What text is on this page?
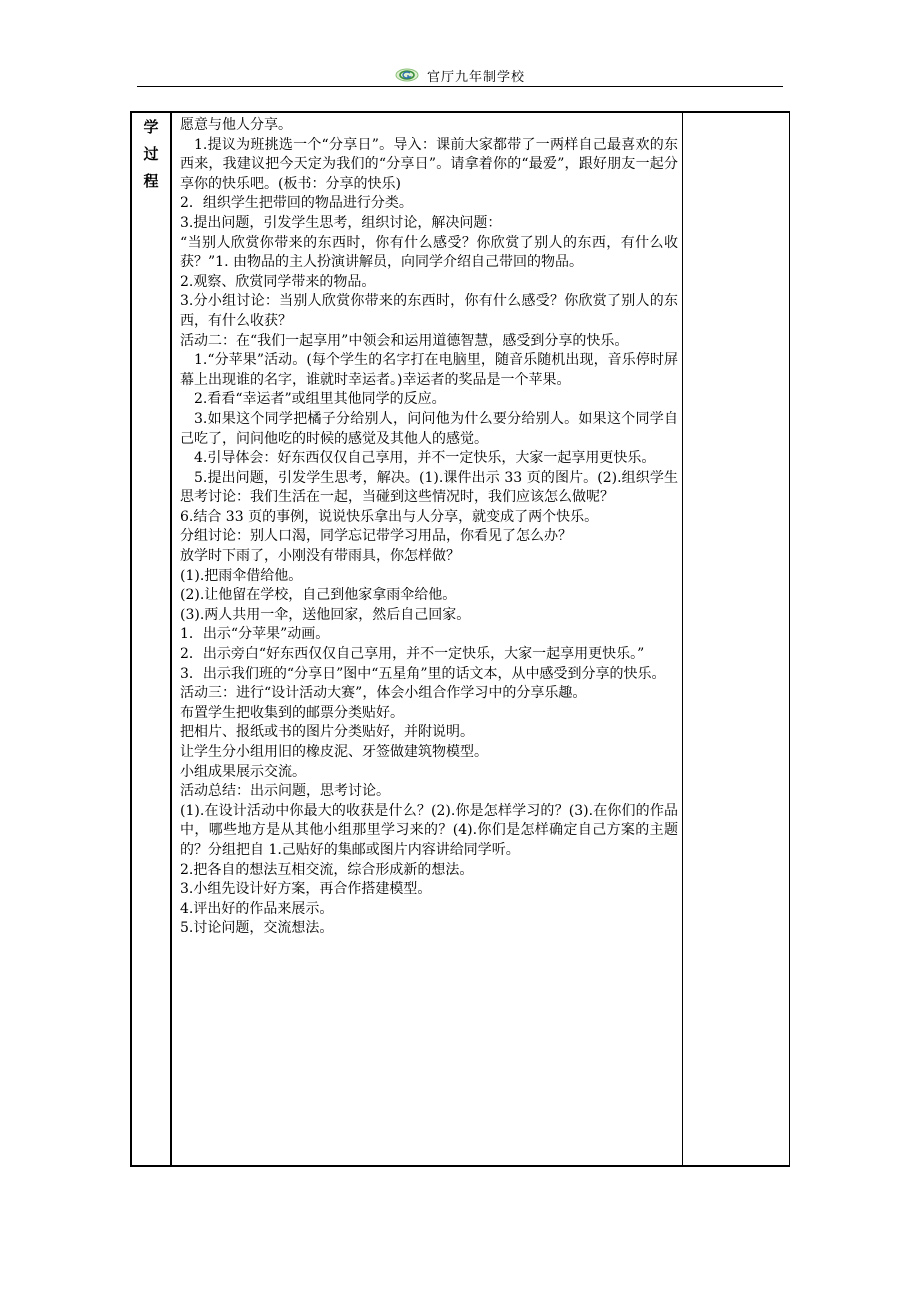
官厅九年制学校
学
过
程

愿意与他人分享。

1.提议为班挑选一个“分享日”。导入：课前大家都带了一两样自己最喜欢的东西来，我建议把今天定为我们的“分享日”。请拿着你的“最爱”，跟好朋友一起分享你的快乐吧。(板书：分享的快乐)

2．组织学生把带回的物品进行分类。

3.提出问题，引发学生思考，组织讨论，解决问题：

“当别人欣赏你带来的东西时，你有什么感受？你欣赏了别人的东西，有什么收获？”1. 由物品的主人扮演讲解员，向同学介绍自己带回的物品。

2.观察、欣赏同学带来的物品。

3.分小组讨论：当别人欣赏你带来的东西时，你有什么感受？你欣赏了别人的东西，有什么收获？

活动二：在“我们一起享用”中领会和运用道德智慧，感受到分享的快乐。

1.“分苹果”活动。(每个学生的名字打在电脑里，随音乐随机出现，音乐停时屏幕上出现谁的名字，谁就时幸运者。)幸运者的奖品是一个苹果。

2.看看“幸运者”或组里其他同学的反应。

3.如果这个同学把橘子分给别人，问问他为什么要分给别人。如果这个同学自己吃了，问问他吃的时候的感觉及其他人的感觉。

4.引导体会：好东西仅仅自己享用，并不一定快乐，大家一起享用更快乐。

5.提出问题，引发学生思考，解决。(1).课件出示 33 页的图片。(2).组织学生思考讨论：我们生活在一起，当碰到这些情况时，我们应该怎么做呢？

6.结合 33 页的事例，说说快乐拿出与人分享，就变成了两个快乐。

分组讨论：别人口渴，同学忘记带学习用品，你看见了怎么办？

放学时下雨了，小刚没有带雨具，你怎样做？

(1).把雨伞借给他。

(2).让他留在学校，自己到他家拿雨伞给他。

(3).两人共用一伞，送他回家，然后自己回家。

1．出示“分苹果”动画。

2．出示旁白“好东西仅仅自己享用，并不一定快乐，大家一起享用更快乐。”

3．出示我们班的“分享日”图中“五星角”里的话文本，从中感受到分享的快乐。

活动三：进行“设计活动大赛”，体会小组合作学习中的分享乐趣。

布置学生把收集到的邮票分类贴好。

把相片、报纸或书的图片分类贴好，并附说明。

让学生分小组用旧的橡皮泥、牙签做建筑物模型。

小组成果展示交流。

活动总结：出示问题，思考讨论。

(1).在设计活动中你最大的收获是什么？(2).你是怎样学习的？(3).在你们的作品中，哪些地方是从其他小组那里学习来的？(4).你们是怎样确定自己方案的主题的？分组把自 1.己贴好的集邮或图片内容讲给同学听。

2.把各自的想法互相交流，综合形成新的想法。

3.小组先设计好方案，再合作搭建模型。

4.评出好的作品来展示。

5.讨论问题，交流想法。
